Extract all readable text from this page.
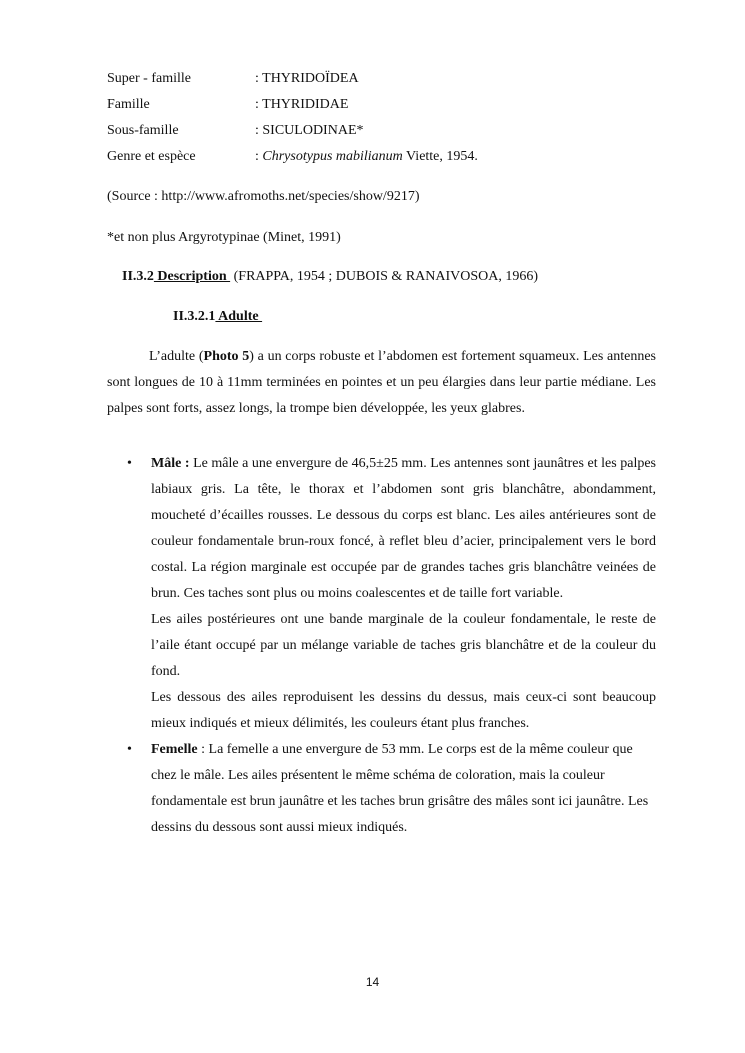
Super - famille	: THYRIDOÏDEA
Famille	: THYRIDIDAE
Sous-famille	: SICULODINAE*
Genre et espèce	: Chrysotypus mabilianum Viette, 1954.
(Source : http://www.afromoths.net/species/show/9217)
*et non plus Argyrotypinae (Minet, 1991)
II.3.2 Description  (FRAPPA, 1954 ; DUBOIS & RANAIVOSOA, 1966)
II.3.2.1 Adulte
L’adulte (Photo 5) a un corps robuste et l’abdomen est fortement squameux. Les antennes sont longues de 10 à 11mm terminées en pointes et un peu élargies dans leur partie médiane. Les palpes sont forts, assez longs, la trompe bien développée, les yeux glabres.
• Mâle : Le mâle a une envergure de 46,5±25 mm. Les antennes sont jaunâtres et les palpes labiaux gris. La tête, le thorax et l’abdomen sont gris blanchâtre, abondamment, moucheté d’écailles rousses. Le dessous du corps est blanc. Les ailes antérieures sont de couleur fondamentale brun-roux foncé, à reflet bleu d’acier, principalement vers le bord costal. La région marginale est occupée par de grandes taches gris blanchâtre veinées de brun. Ces taches sont plus ou moins coalescentes et de taille fort variable.

Les ailes postérieures ont une bande marginale de la couleur fondamentale, le reste de l’aile étant occupé par un mélange variable de taches gris blanchâtre et de la couleur du fond.

Les dessous des ailes reproduisent les dessins du dessus, mais ceux-ci sont beaucoup mieux indiqués et mieux délimités, les couleurs étant plus franches.

• Femelle : La femelle a une envergure de 53 mm. Le corps est de la même couleur que chez le mâle. Les ailes présentent le même schéma de coloration, mais la couleur fondamentale est brun jaunâtre et les taches brun grisâtre des mâles sont ici jaunâtre. Les dessins du dessous sont aussi mieux indiqués.

14
